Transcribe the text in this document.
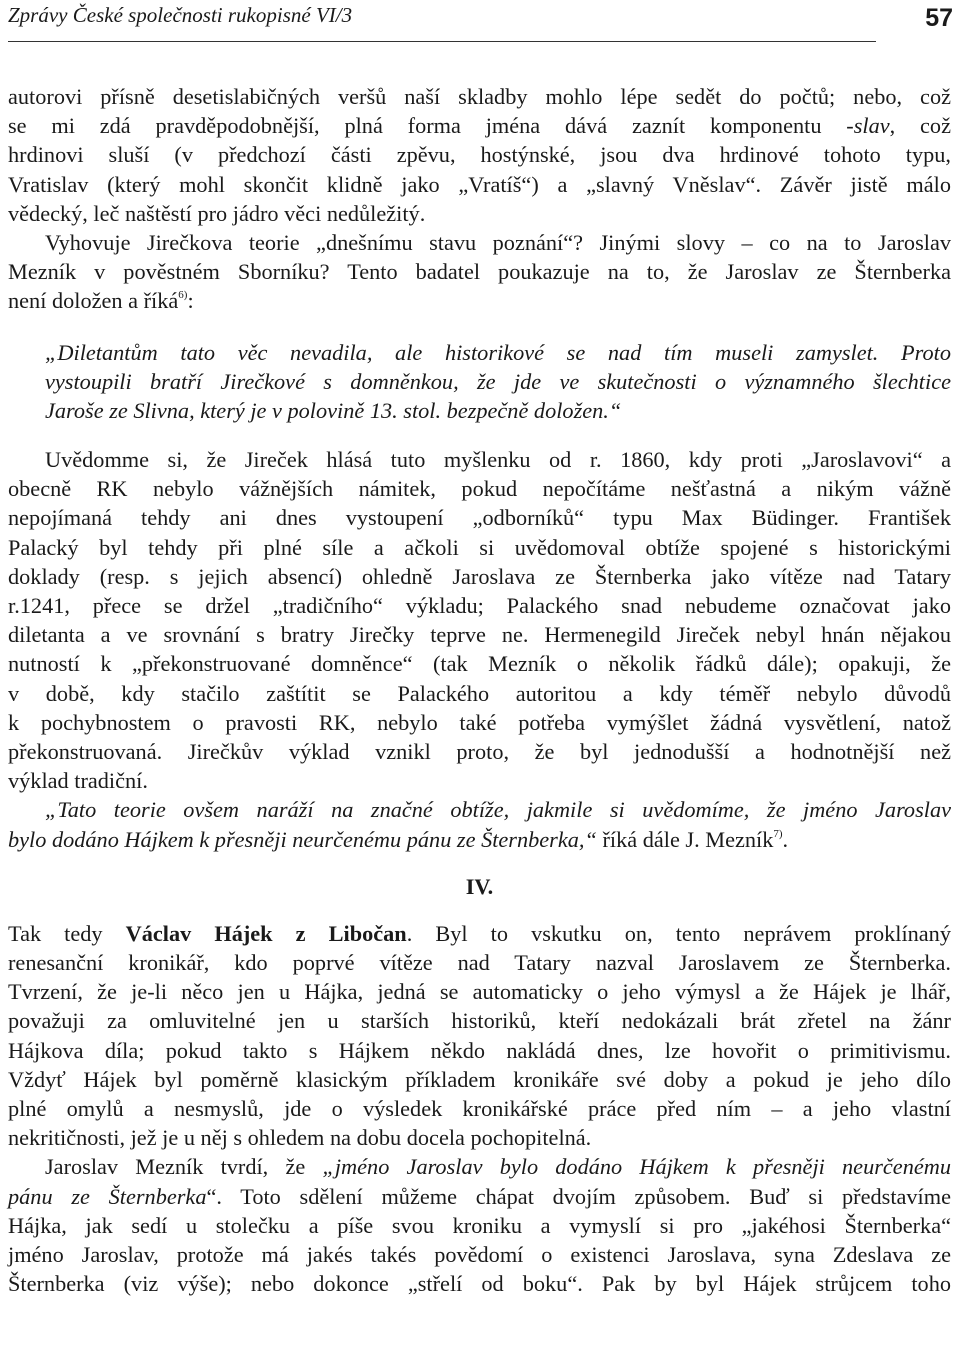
Zprávy České společnosti rukopisné VI/3	57
autorovi přísně desetislabičných veršů naší skladby mohlo lépe sedět do počtů; nebo, což
se mi zdá pravděpodobnější, plná forma jména dává zaznít komponentu -slav, což
hrdinovi sluší (v předchozí části zpěvu, hostýnské, jsou dva hrdinové tohoto typu,
Vratislav (který mohl skončit klidně jako „Vratíš“) a „slavný Vněslav“. Závěr jistě málo
vědecký, leč naštěstí pro jádro věci nedůležitý.
Vyhovuje Jirečkova teorie „dnešnímu stavu poznání“? Jinými slovy – co na to Jaroslav
Mezník v pověstném Sborníku? Tento badatel poukazuje na to, že Jaroslav ze Šternberka
není doložen a říká$^{6)}$:
„Diletantům tato věc nevadila, ale historikové se nad tím museli zamyslet. Proto
vystoupili bratří Jirečkové s domněnkou, že jde ve skutečnosti o významného šlechtice
Jaroše ze Slivna, který je v polovině 13. stol. bezpečně doložen.“
Uvědomme si, že Jireček hlásá tuto myšlenku od r. 1860, kdy proti „Jaroslavovi“ a
obecně RK nebylo vážnějších námitek, pokud nepočítáme nešťastná a nikým vážně
nepojímaná tehdy ani dnes vystoupení „odborníků“ typu Max Büdinger. František
Palacký byl tehdy při plné síle a ačkoli si uvědomoval obtíže spojené s historickými
doklady (resp. s jejich absencí) ohledně Jaroslava ze Šternberka jako vítěze nad Tatary
r.1241, přece se držel „tradičního“ výkladu; Palackého snad nebudeme označovat jako
diletanta a ve srovnání s bratry Jirečky teprve ne. Hermenegild Jireček nebyl hnán nějakou
nutností k „překonstruované domněnce“ (tak Mezník o několik řádků dále); opakuji, že
v době, kdy stačilo zaštítit se Palackého autoritou a kdy téměř nebylo důvodů
k pochybnostem o pravosti RK, nebylo také potřeba vymýšlet žádná vysvětlení, natož
překonstruovaná. Jirečkův výklad vznikl proto, že byl jednodušší a hodnotnější než
výklad tradiční.
„Tato teorie ovšem naráží na značné obtíže, jakmile si uvědomíme, že jméno Jaroslav
bylo dodáno Hájkem k přesněji neurčenému pánu ze Šternberka,“ říká dále J. Mezník$^{7)}$.
IV.
Tak tedy Václav Hájek z Libočan. Byl to vskutku on, tento neprávem proklínaný
renesanční kronikář, kdo poprvé vítěze nad Tatary nazval Jaroslavem ze Šternberka.
Tvrzení, že je-li něco jen u Hájka, jedná se automaticky o jeho výmysl a že Hájek je lhář,
považuji za omluvitelné jen u starších historiků, kteří nedokázali brát zřetel na žánr
Hájkova díla; pokud takto s Hájkem někdo nakládá dnes, lze hovořit o primitivismu.
Vždyť Hájek byl poměrně klasickým příkladem kronikáře své doby a pokud je jeho dílo
plné omylů a nesmyslů, jde o výsledek kronikářské práce před ním – a jeho vlastní
nekritičnosti, jež je u něj s ohledem na dobu docela pochopitelná.
Jaroslav Mezník tvrdí, že „jméno Jaroslav bylo dodáno Hájkem k přesněji neurčenému
pánu ze Šternberka“. Toto sdělení můžeme chápat dvojím způsobem. Buď si představíme
Hájka, jak sedí u stolečku a píše svou kroniku a vymyslí si pro „jakéhosi Šternberka“
jméno Jaroslav, protože má jakés takés povědomí o existenci Jaroslava, syna Zdeslava ze
Šternberka (viz výše); nebo dokonce „střelí od boku“. Pak by byl Hájek strůjcem toho
